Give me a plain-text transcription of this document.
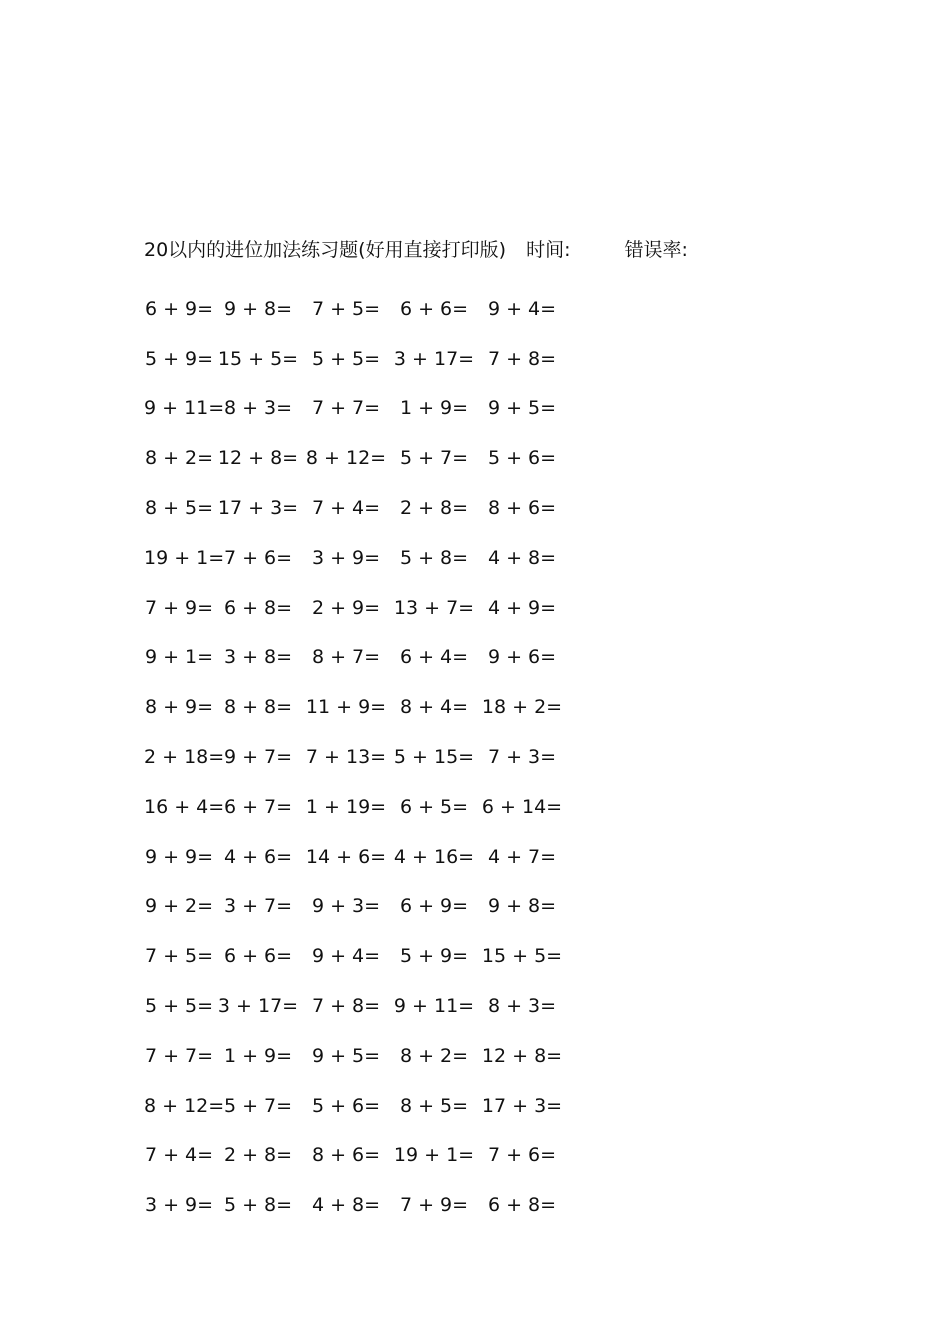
20以内的进位加法练习题(好用直接打印版) 时间:	错误率:
6 + 9= 9 + 8=	7 + 5=	6 + 6=	9 + 4=
5 + 9= 15 + 5= 5 + 5= 3 + 17= 7 + 8=
9 + 11= 8 + 3=	7 + 7=	1 + 9=	9 + 5=
8 + 2= 12 + 8= 8 + 12= 5 + 7=	5 + 6=
8 + 5= 17 + 3= 7 + 4=	2 + 8=	8 + 6=
19 + 1= 7 + 6=	3 + 9=	5 + 8=	4 + 8=
7 + 9= 6 + 8=	2 + 9= 13 + 7= 4 + 9=
9 + 1= 3 + 8=	8 + 7=	6 + 4=	9 + 6=
8 + 9= 8 + 8= 11 + 9= 8 + 4= 18 + 2=
2 + 18= 9 + 7= 7 + 13= 5 + 15= 7 + 3=
16 + 4= 6 + 7= 1 + 19= 6 + 5= 6 + 14=
9 + 9= 4 + 6= 14 + 6= 4 + 16= 4 + 7=
9 + 2= 3 + 7=	9 + 3=	6 + 9=	9 + 8=
7 + 5= 6 + 6=	9 + 4=	5 + 9= 15 + 5=
5 + 5= 3 + 17= 7 + 8= 9 + 11= 8 + 3=
7 + 7= 1 + 9=	9 + 5=	8 + 2= 12 + 8=
8 + 12= 5 + 7=	5 + 6=	8 + 5= 17 + 3=
7 + 4= 2 + 8=	8 + 6= 19 + 1= 7 + 6=
3 + 9= 5 + 8=	4 + 8=	7 + 9=	6 + 8=
